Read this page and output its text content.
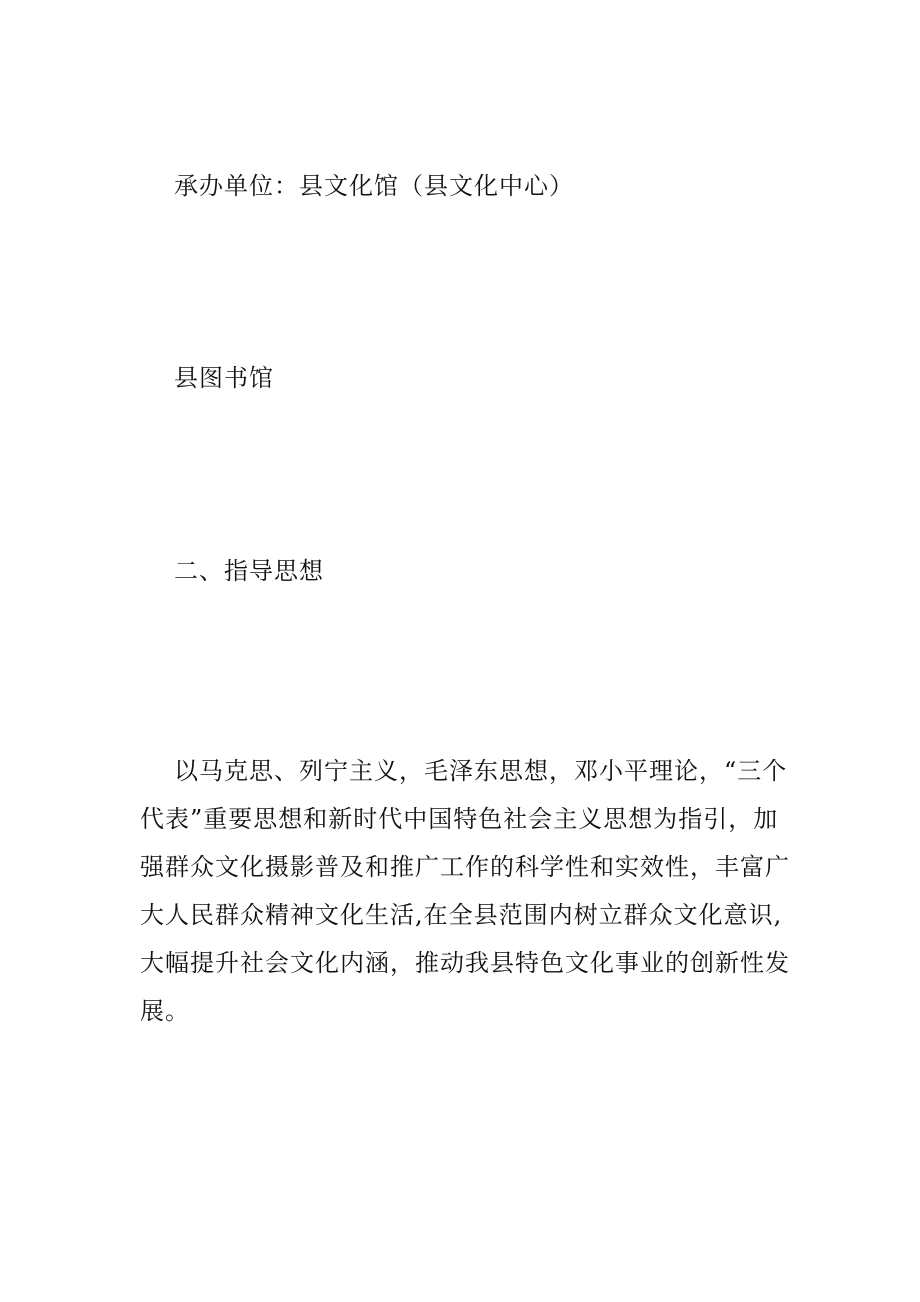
承办单位：县文化馆（县文化中心）
县图书馆
二、指导思想
以马克思、列宁主义，毛泽东思想，邓小平理论，“三个
代表”重要思想和新时代中国特色社会主义思想为指引，加
强群众文化摄影普及和推广工作的科学性和实效性，丰富广
大人民群众精神文化生活,在全县范围内树立群众文化意识,
大幅提升社会文化内涵，推动我县特色文化事业的创新性发
展。
